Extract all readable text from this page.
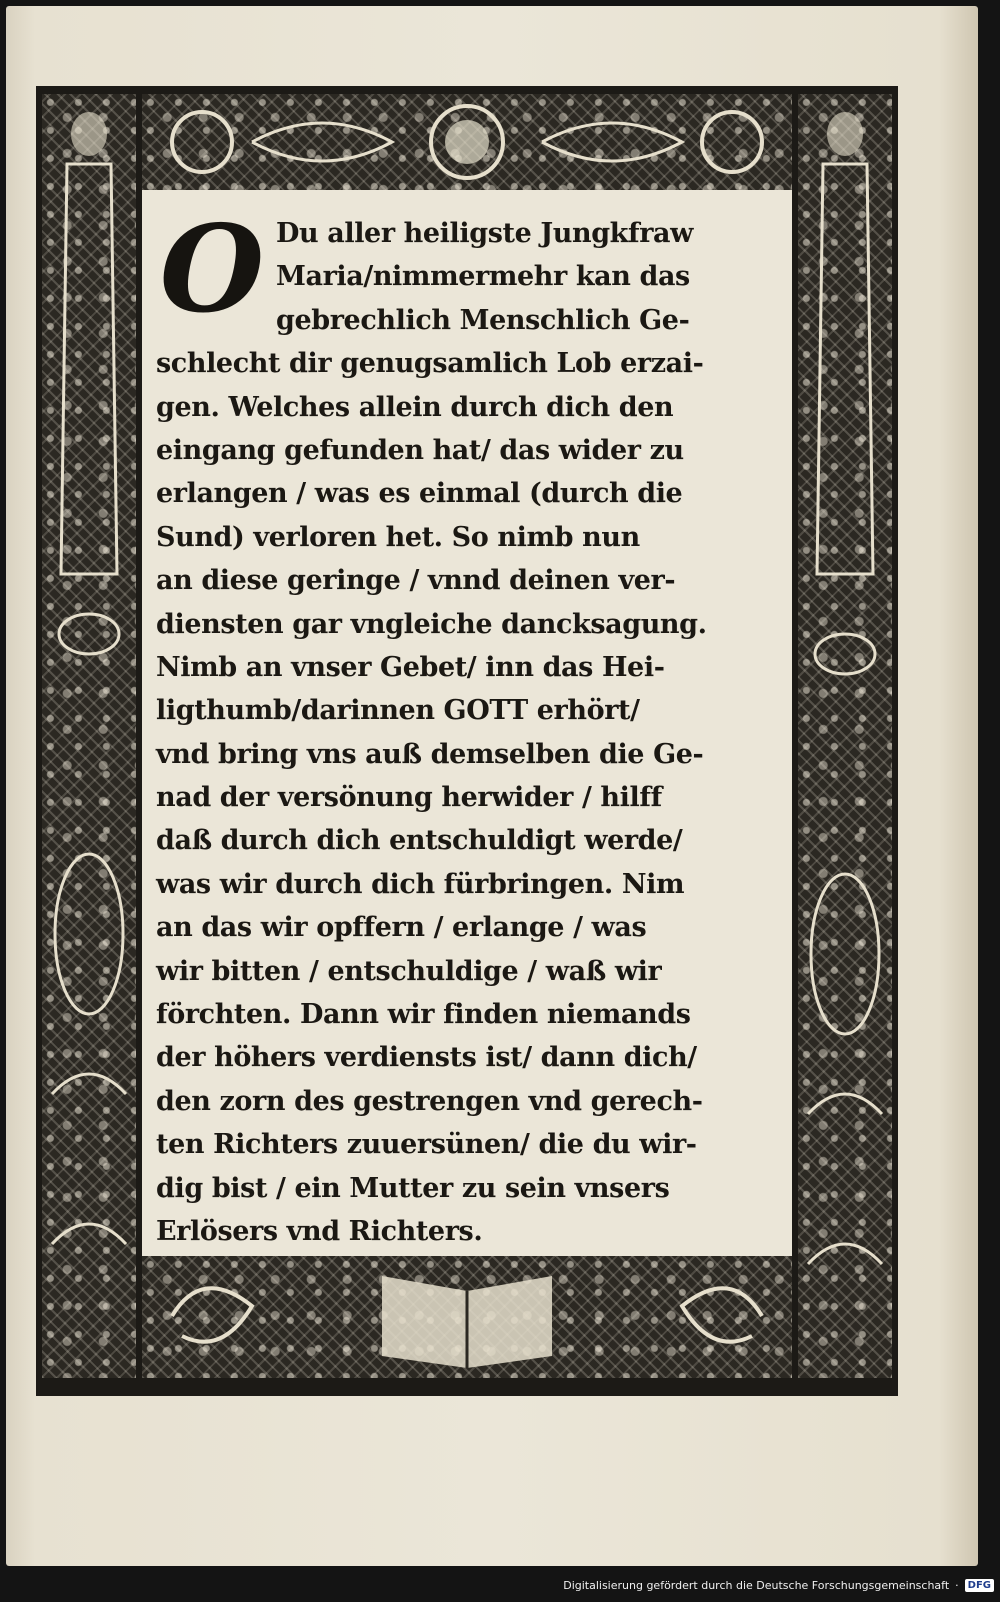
O Du aller heiligste Jungkfraw
Maria/nimmermehr kan das
gebrechlich Menschlich Ge-
schlecht dir genugsamlich Lob erzai-
gen. Welches allein durch dich den
eingang gefunden hat/ das wider zu
erlangen / was es einmal (durch die
Sund) verloren het. So nimb nun
an diese geringe / vnnd deinen ver-
diensten gar vngleiche dancksagung.
Nimb an vnser Gebet/ inn das Hei-
ligthumb/darinnen GOTT erhört/
vnd bring vns auß demselben die Ge-
nad der versönung herwider / hilff
daß durch dich entschuldigt werde/
was wir durch dich fürbringen. Nim
an das wir opffern / erlange / was
wir bitten / entschuldige / waß wir
förchten. Dann wir finden niemands
der höhers verdiensts ist/ dann dich/
den zorn des gestrengen vnd gerech-
ten Richters zuuersünen/ die du wir-
dig bist / ein Mutter zu sein vnsers
Erlösers vnd Richters.
Digitalisierung gefördert durch die Deutsche Forschungsgemeinschaft · DFG
